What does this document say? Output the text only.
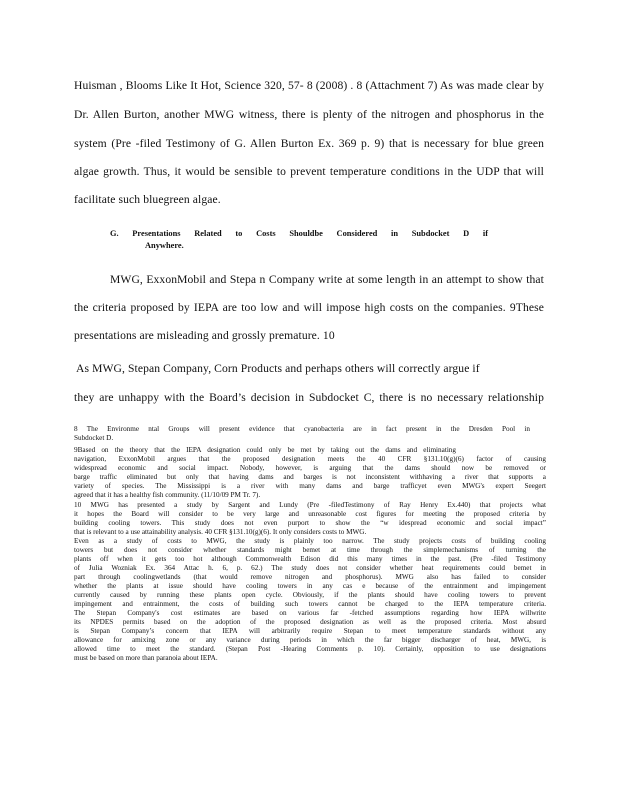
Huisman , Blooms Like It Hot, Science 320, 57- 8 (2008) . 8 (Attachment 7) As was made clear by
Dr. Allen Burton, another MWG witness, there is plenty of the nitrogen and phosphorus in the
system (Pre -filed Testimony of G. Allen Burton Ex. 369 p. 9) that is necessary for blue green
algae growth. Thus, it would be sensible to prevent temperature conditions in the UDP that will
facilitate such bluegreen algae.
G. Presentations Related to Costs Shouldbe Considered in Subdocket D if
Anywhere.
MWG, ExxonMobil and Stepa n Company write at some length in an attempt to show that
the criteria proposed by IEPA are too low and will impose high costs on the companies. 9These
presentations are misleading and grossly premature. 10
As MWG, Stepan Company, Corn Products and perhaps others will correctly argue if
they are unhappy with the Board’s decision in Subdocket C, there is no necessary relationship
8 The Environme ntal Groups will present evidence that cyanobacteria are in fact present in the Dresden Pool in
Subdocket D.
9Based on the theory that the IEPA designation could only be met by taking out the dams and eliminating
navigation, ExxonMobil argues that the proposed designation meets the 40 CFR §131.10(g)(6) factor of causing
widespread economic and social impact. Nobody, however, is arguing that the dams should now be removed or
barge traffic eliminated but only that having dams and barges is not inconsistent withhaving a river that supports a
variety of species. The Mississippi is a river with many dams and barge trafficyet even MWG's expert Seegert
agreed that it has a healthy fish community. (11/10/09 PM Tr. 7).
10 MWG has presented a study by Sargent and Lundy (Pre -filedTestimony of Ray Henry Ex.440) that projects what
it hopes the Board will consider to be very large and unreasonable cost figures for meeting the proposed criteria by
building cooling towers. This study does not even purport to show the “w idespread economic and social impact”
that is relevant to a use attainability analysis. 40 CFR §131.10(g)(6). It only considers costs to MWG.
Even as a study of costs to MWG, the study is plainly too narrow. The study projects costs of building cooling
towers but does not consider whether standards might bemet at time through the simplemechanisms of turning the
plants off when it gets too hot although Commonwealth Edison did this many times in the past. (Pre -filed Testimony
of Julia Wozniak Ex. 364 Attac h. 6, p. 62.) The study does not consider whether heat requirements could bemet in
part through coolingwetlands (that would remove nitrogen and phosphorus). MWG also has failed to consider
whether the plants at issue should have cooling towers in any cas e because of the entrainment and impingement
currently caused by running these plants open cycle. Obviously, if the plants should have cooling towers to prevent
impingement and entrainment, the costs of building such towers cannot be charged to the IEPA temperature criteria.
The Stepan Company's cost estimates are based on various far -fetched assumptions regarding how IEPA willwrite
its NPDES permits based on the adoption of the proposed designation as well as the proposed criteria. Most absurd
is Stepan Company’s concern that IEPA will arbitrarily require Stepan to meet temperature standards without any
allowance for amixing zone or any variance during periods in which the far bigger discharger of heat, MWG, is
allowed time to meet the standard. (Stepan Post -Hearing Comments p. 10). Certainly, opposition to use designations
must be based on more than paranoia about IEPA.
